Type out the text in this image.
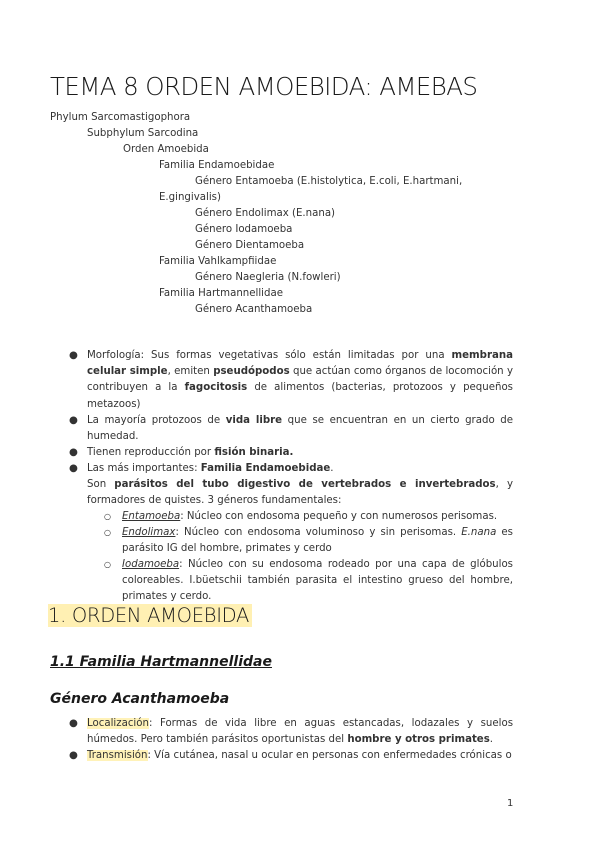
TEMA 8 ORDEN AMOEBIDA: AMEBAS
Phylum Sarcomastigophora
Subphylum Sarcodina
Orden Amoebida
Familia Endamoebidae
Género Entamoeba (E.histolytica, E.coli, E.hartmani,
E.gingivalis)
Género Endolimax (E.nana)
Género Iodamoeba
Género Dientamoeba
Familia Vahlkampfiidae
Género Naegleria (N.fowleri)
Familia Hartmannellidae
Género Acanthamoeba

● Morfología: Sus formas vegetativas sólo están limitadas por una membrana celular simple, emiten pseudópodos que actúan como órganos de locomoción y contribuyen a la fagocitosis de alimentos (bacterias, protozoos y pequeños metazoos)

● La mayoría protozoos de vida libre que se encuentran en un cierto grado de humedad.

● Tienen reproducción por fisión binaria.

● Las más importantes: Familia Endamoebidae.
Son parásitos del tubo digestivo de vertebrados e invertebrados, y formadores de quistes. 3 géneros fundamentales:

○ Entamoeba: Núcleo con endosoma pequeño y con numerosos perisomas.

○ Endolimax: Núcleo con endosoma voluminoso y sin perisomas. E.nana es parásito IG del hombre, primates y cerdo

○ Iodamoeba: Núcleo con su endosoma rodeado por una capa de glóbulos coloreables. I.büetschii también parasita el intestino grueso del hombre, primates y cerdo.

1. ORDEN AMOEBIDA
1.1 Familia Hartmannellidae
Género Acanthamoeba

● Localización: Formas de vida libre en aguas estancadas, lodazales y suelos húmedos. Pero también parásitos oportunistas del hombre y otros primates.

● Transmisión: Vía cutánea, nasal u ocular en personas con enfermedades crónicas o

1
